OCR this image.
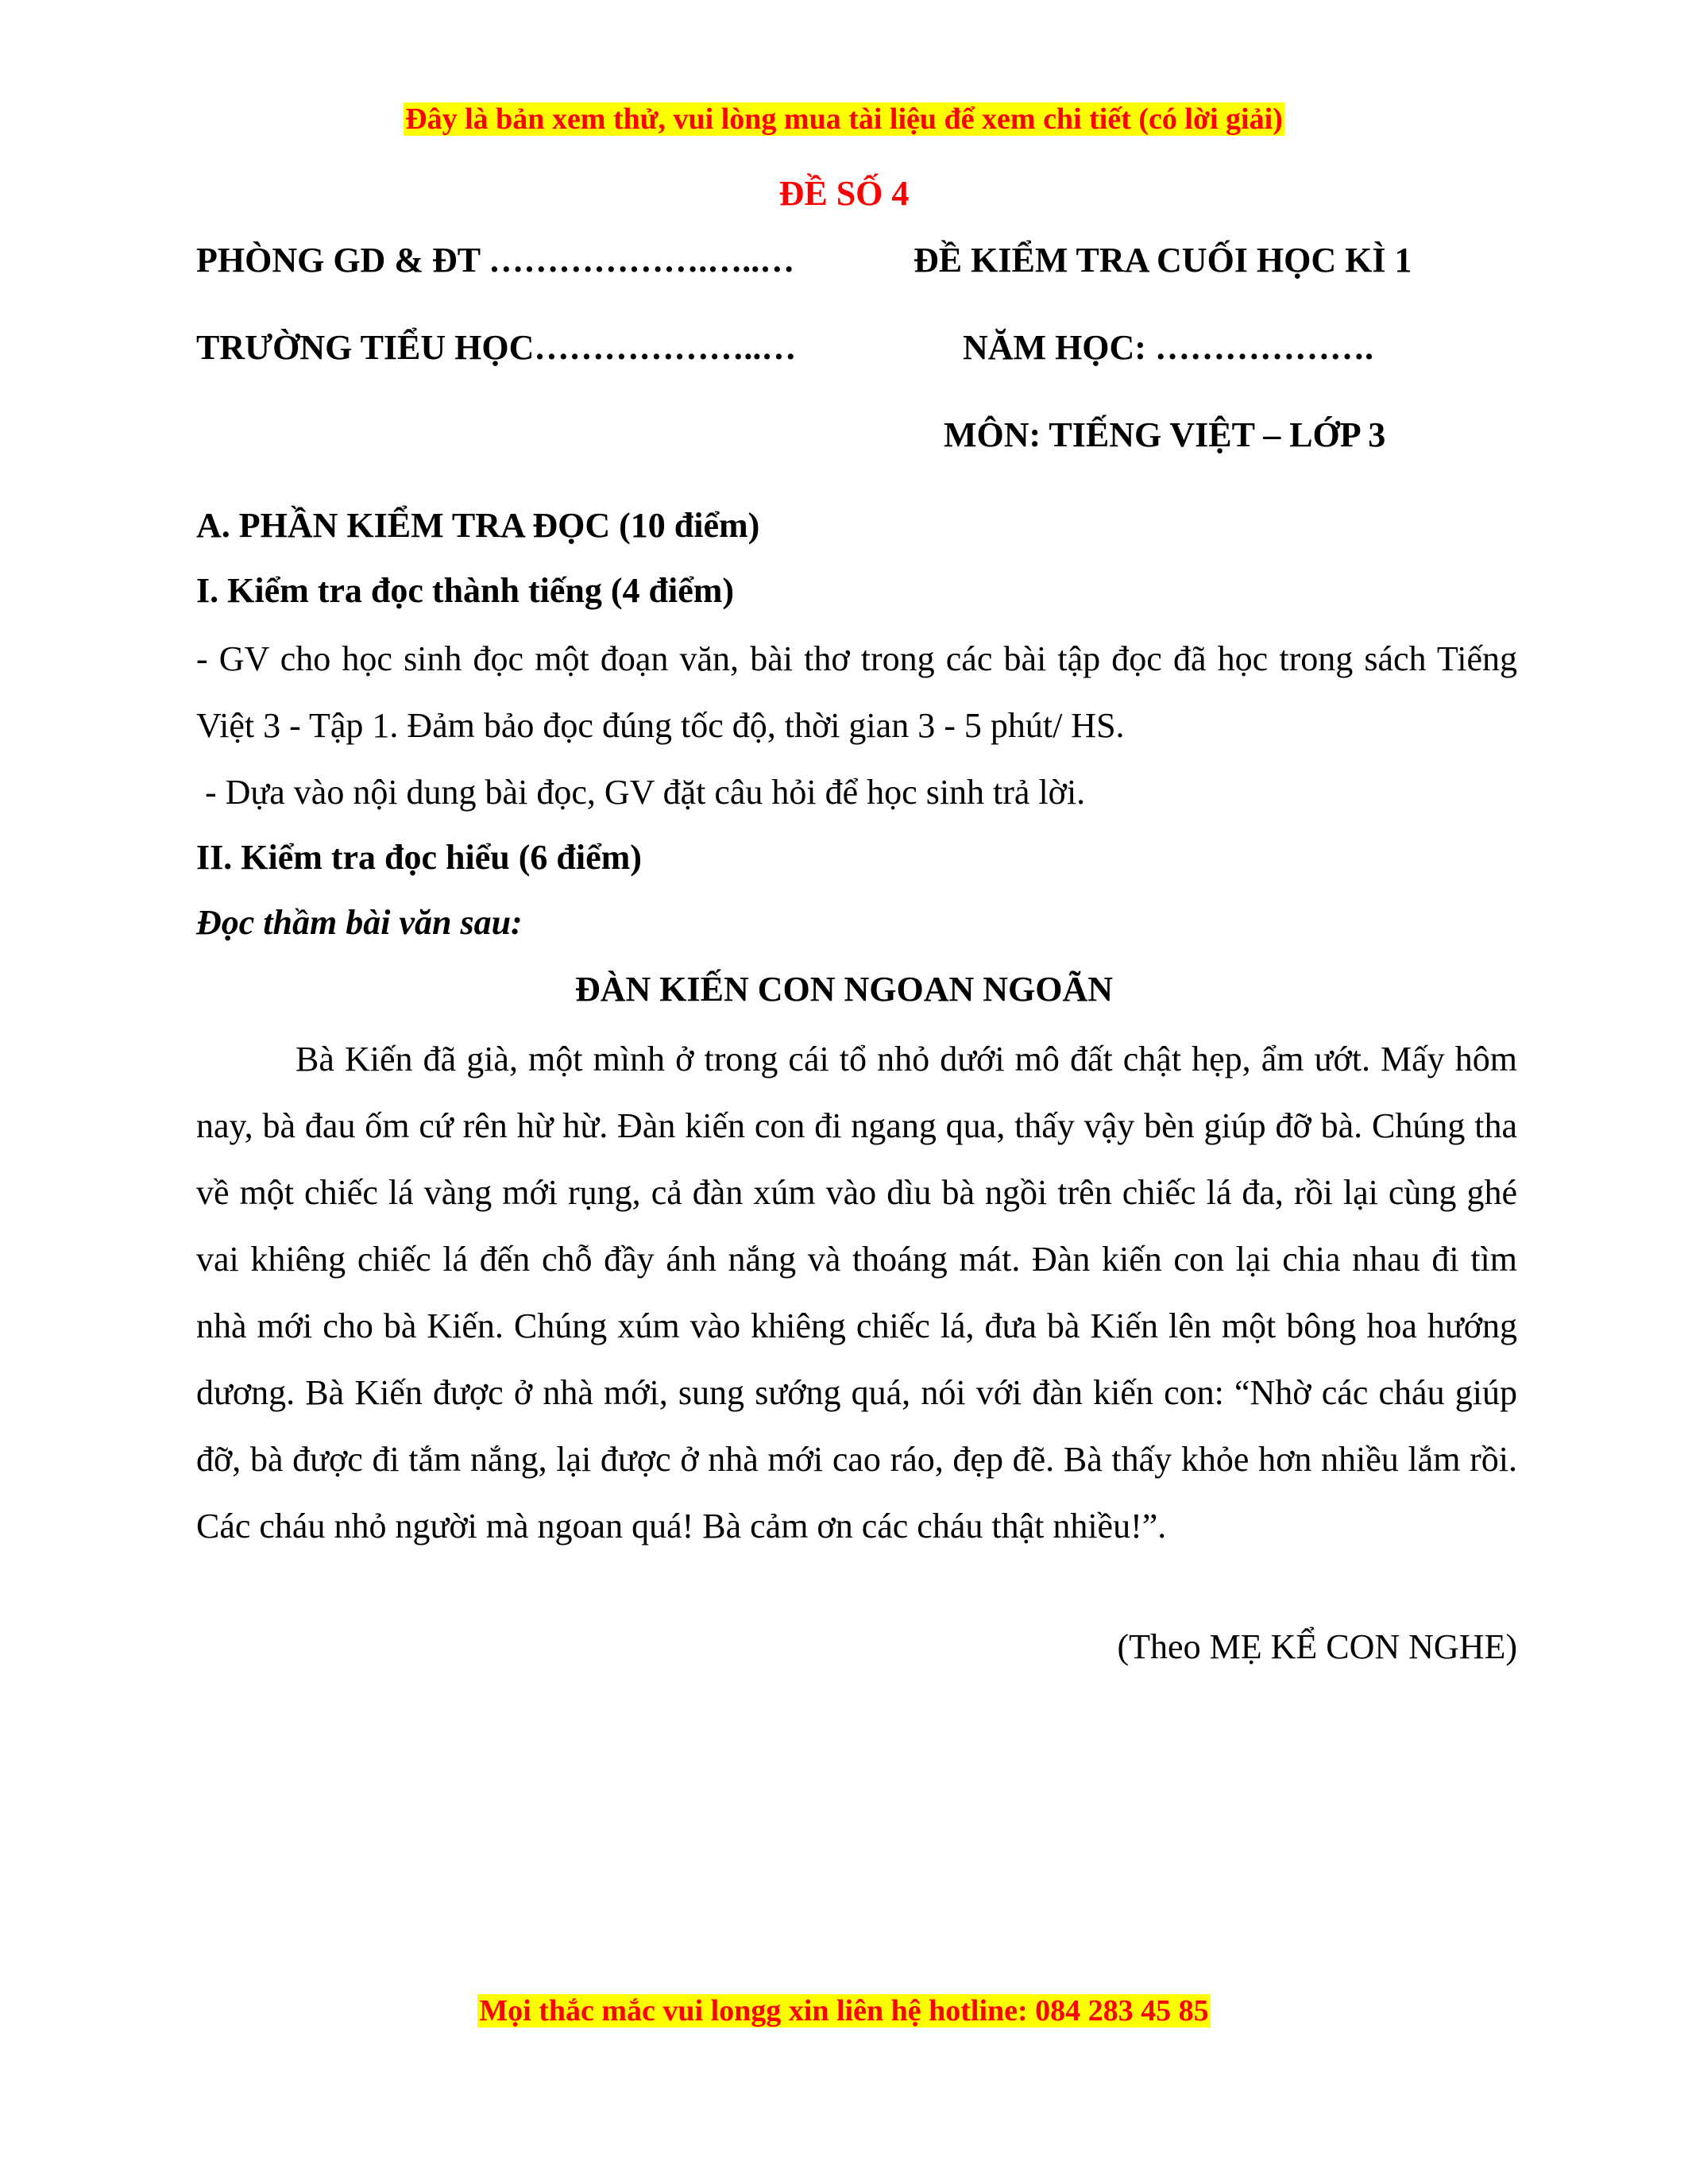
Đây là bản xem thử, vui lòng mua tài liệu để xem chi tiết (có lời giải)
ĐỀ SỐ 4
PHÒNG GD & ĐT ……………….…..…	ĐỀ KIỂM TRA CUỐI HỌC KÌ 1
TRƯỜNG TIỂU HỌC………………..…	NĂM HỌC: ……………….
MÔN: TIẾNG VIỆT – LỚP 3
A. PHẦN KIỂM TRA ĐỌC (10 điểm)
I. Kiểm tra đọc thành tiếng (4 điểm)
- GV cho học sinh đọc một đoạn văn, bài thơ trong các bài tập đọc đã học trong sách Tiếng Việt 3 - Tập 1. Đảm bảo đọc đúng tốc độ, thời gian 3 - 5 phút/ HS.
- Dựa vào nội dung bài đọc, GV đặt câu hỏi để học sinh trả lời.
II. Kiểm tra đọc hiểu (6 điểm)
Đọc thầm bài văn sau:
ĐÀN KIẾN CON NGOAN NGOÃN
Bà Kiến đã già, một mình ở trong cái tổ nhỏ dưới mô đất chật hẹp, ẩm ướt. Mấy hôm nay, bà đau ốm cứ rên hừ hừ. Đàn kiến con đi ngang qua, thấy vậy bèn giúp đỡ bà. Chúng tha về một chiếc lá vàng mới rụng, cả đàn xúm vào dìu bà ngồi trên chiếc lá đa, rồi lại cùng ghé vai khiêng chiếc lá đến chỗ đầy ánh nắng và thoáng mát. Đàn kiến con lại chia nhau đi tìm nhà mới cho bà Kiến. Chúng xúm vào khiêng chiếc lá, đưa bà Kiến lên một bông hoa hướng dương. Bà Kiến được ở nhà mới, sung sướng quá, nói với đàn kiến con: “Nhờ các cháu giúp đỡ, bà được đi tắm nắng, lại được ở nhà mới cao ráo, đẹp đẽ. Bà thấy khỏe hơn nhiều lắm rồi. Các cháu nhỏ người mà ngoan quá! Bà cảm ơn các cháu thật nhiều!”.
(Theo MẸ KỂ CON NGHE)
Mọi thắc mắc vui longg xin liên hệ hotline: 084 283 45 85
